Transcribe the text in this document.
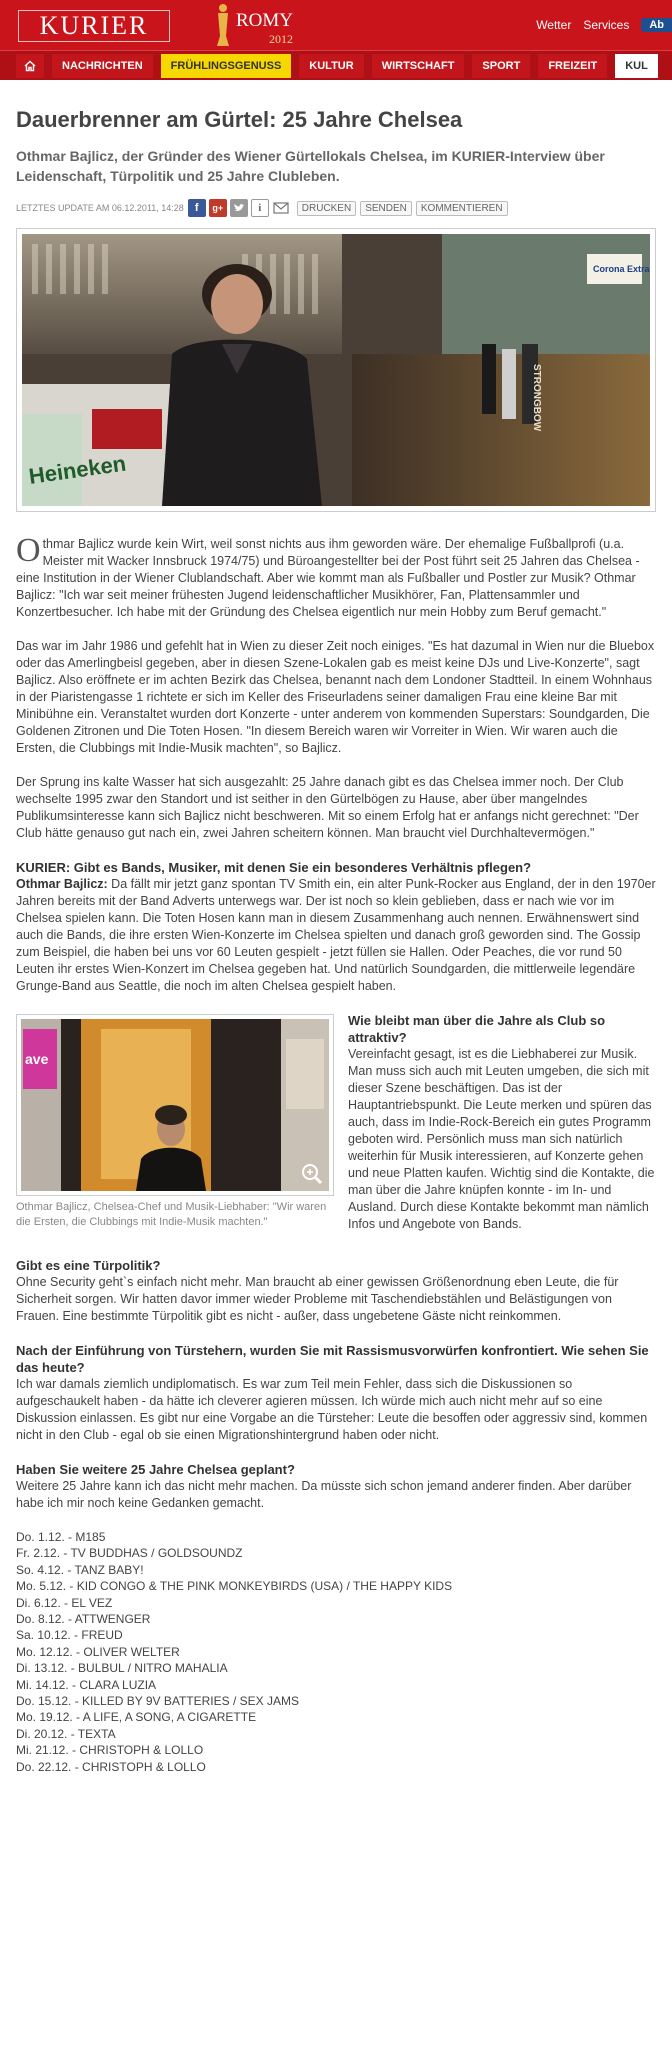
KURIER	ROMY
2012
Wetter Services	Ab
NACHRICHTEN	FRÜHLINGSGENUSS	KULTUR	WIRTSCHAFT	SPORT	FREIZEIT	KUL
Dauerbrenner am Gürtel: 25 Jahre Chelsea
Othmar Bajlicz, der Gründer des Wiener Gürtellokals Chelsea, im KURIER-Interview über Leidenschaft, Türpolitik und 25 Jahre Clubleben.
LETZTES UPDATE AM 06.12.2011, 14:28	f	g+	i	DRUCKEN	SENDEN	KOMMENTIEREN
Heineken
Corona Extra
STRONGBOW
Othmar Bajlicz wurde kein Wirt, weil sonst nichts aus ihm geworden wäre. Der ehemalige Fußballprofi (u.a. Meister mit Wacker Innsbruck 1974/75) und Büroangestellter bei der Post führt seit 25 Jahren das Chelsea - eine Institution in der Wiener Clublandschaft. Aber wie kommt man als Fußballer und Postler zur Musik? Othmar Bajlicz: "Ich war seit meiner frühesten Jugend leidenschaftlicher Musikhörer, Fan, Plattensammler und Konzertbesucher. Ich habe mit der Gründung des Chelsea eigentlich nur mein Hobby zum Beruf gemacht."
Das war im Jahr 1986 und gefehlt hat in Wien zu dieser Zeit noch einiges. "Es hat dazumal in Wien nur die Bluebox oder das Amerlingbeisl gegeben, aber in diesen Szene-Lokalen gab es meist keine DJs und Live-Konzerte", sagt Bajlicz. Also eröffnete er im achten Bezirk das Chelsea, benannt nach dem Londoner Stadtteil. In einem Wohnhaus in der Piaristengasse 1 richtete er sich im Keller des Friseurladens seiner damaligen Frau eine kleine Bar mit Minibühne ein. Veranstaltet wurden dort Konzerte - unter anderem von kommenden Superstars: Soundgarden, Die Goldenen Zitronen und Die Toten Hosen. "In diesem Bereich waren wir Vorreiter in Wien. Wir waren auch die Ersten, die Clubbings mit Indie-Musik machten", so Bajlicz.
Der Sprung ins kalte Wasser hat sich ausgezahlt: 25 Jahre danach gibt es das Chelsea immer noch. Der Club wechselte 1995 zwar den Standort und ist seither in den Gürtelbögen zu Hause, aber über mangelndes Publikumsinteresse kann sich Bajlicz nicht beschweren. Mit so einem Erfolg hat er anfangs nicht gerechnet: "Der Club hätte genauso gut nach ein, zwei Jahren scheitern können. Man braucht viel Durchhaltevermögen."
KURIER: Gibt es Bands, Musiker, mit denen Sie ein besonderes Verhältnis pflegen?
Othmar Bajlicz: Da fällt mir jetzt ganz spontan TV Smith ein, ein alter Punk-Rocker aus England, der in den 1970er Jahren bereits mit der Band Adverts unterwegs war. Der ist noch so klein geblieben, dass er nach wie vor im Chelsea spielen kann. Die Toten Hosen kann man in diesem Zusammenhang auch nennen. Erwähnenswert sind auch die Bands, die ihre ersten Wien-Konzerte im Chelsea spielten und danach groß geworden sind. The Gossip zum Beispiel, die haben bei uns vor 60 Leuten gespielt - jetzt füllen sie Hallen. Oder Peaches, die vor rund 50 Leuten ihr erstes Wien-Konzert im Chelsea gegeben hat. Und natürlich Soundgarden, die mittlerweile legendäre Grunge-Band aus Seattle, die noch im alten Chelsea gespielt haben.
ave
Othmar Bajlicz, Chelsea-Chef und Musik-Liebhaber: "Wir waren die Ersten, die Clubbings mit Indie-Musik machten."
Wie bleibt man über die Jahre als Club so attraktiv?
Vereinfacht gesagt, ist es die Liebhaberei zur Musik. Man muss sich auch mit Leuten umgeben, die sich mit dieser Szene beschäftigen. Das ist der Hauptantriebspunkt. Die Leute merken und spüren das auch, dass im Indie-Rock-Bereich ein gutes Programm geboten wird. Persönlich muss man sich natürlich weiterhin für Musik interessieren, auf Konzerte gehen und neue Platten kaufen. Wichtig sind die Kontakte, die man über die Jahre knüpfen konnte - im In- und Ausland. Durch diese Kontakte bekommt man nämlich Infos und Angebote von Bands.
Gibt es eine Türpolitik?
Ohne Security geht`s einfach nicht mehr. Man braucht ab einer gewissen Größenordnung eben Leute, die für Sicherheit sorgen. Wir hatten davor immer wieder Probleme mit Taschendiebstählen und Belästigungen von Frauen. Eine bestimmte Türpolitik gibt es nicht - außer, dass ungebetene Gäste nicht reinkommen.
Nach der Einführung von Türstehern, wurden Sie mit Rassismusvorwürfen konfrontiert. Wie sehen Sie das heute?
Ich war damals ziemlich undiplomatisch. Es war zum Teil mein Fehler, dass sich die Diskussionen so aufgeschaukelt haben - da hätte ich cleverer agieren müssen. Ich würde mich auch nicht mehr auf so eine Diskussion einlassen. Es gibt nur eine Vorgabe an die Türsteher: Leute die besoffen oder aggressiv sind, kommen nicht in den Club - egal ob sie einen Migrationshintergrund haben oder nicht.
Haben Sie weitere 25 Jahre Chelsea geplant?
Weitere 25 Jahre kann ich das nicht mehr machen. Da müsste sich schon jemand anderer finden. Aber darüber habe ich mir noch keine Gedanken gemacht.
Do. 1.12. - M185
Fr. 2.12. - TV BUDDHAS / GOLDSOUNDZ
So. 4.12. - TANZ BABY!
Mo. 5.12. - KID CONGO & THE PINK MONKEYBIRDS (USA) / THE HAPPY KIDS
Di. 6.12. - EL VEZ
Do. 8.12. - ATTWENGER
Sa. 10.12. - FREUD
Mo. 12.12. - OLIVER WELTER
Di. 13.12. - BULBUL / NITRO MAHALIA
Mi. 14.12. - CLARA LUZIA
Do. 15.12. - KILLED BY 9V BATTERIES / SEX JAMS
Mo. 19.12. - A LIFE, A SONG, A CIGARETTE
Di. 20.12. - TEXTA
Mi. 21.12. - CHRISTOPH & LOLLO
Do. 22.12. - CHRISTOPH & LOLLO
